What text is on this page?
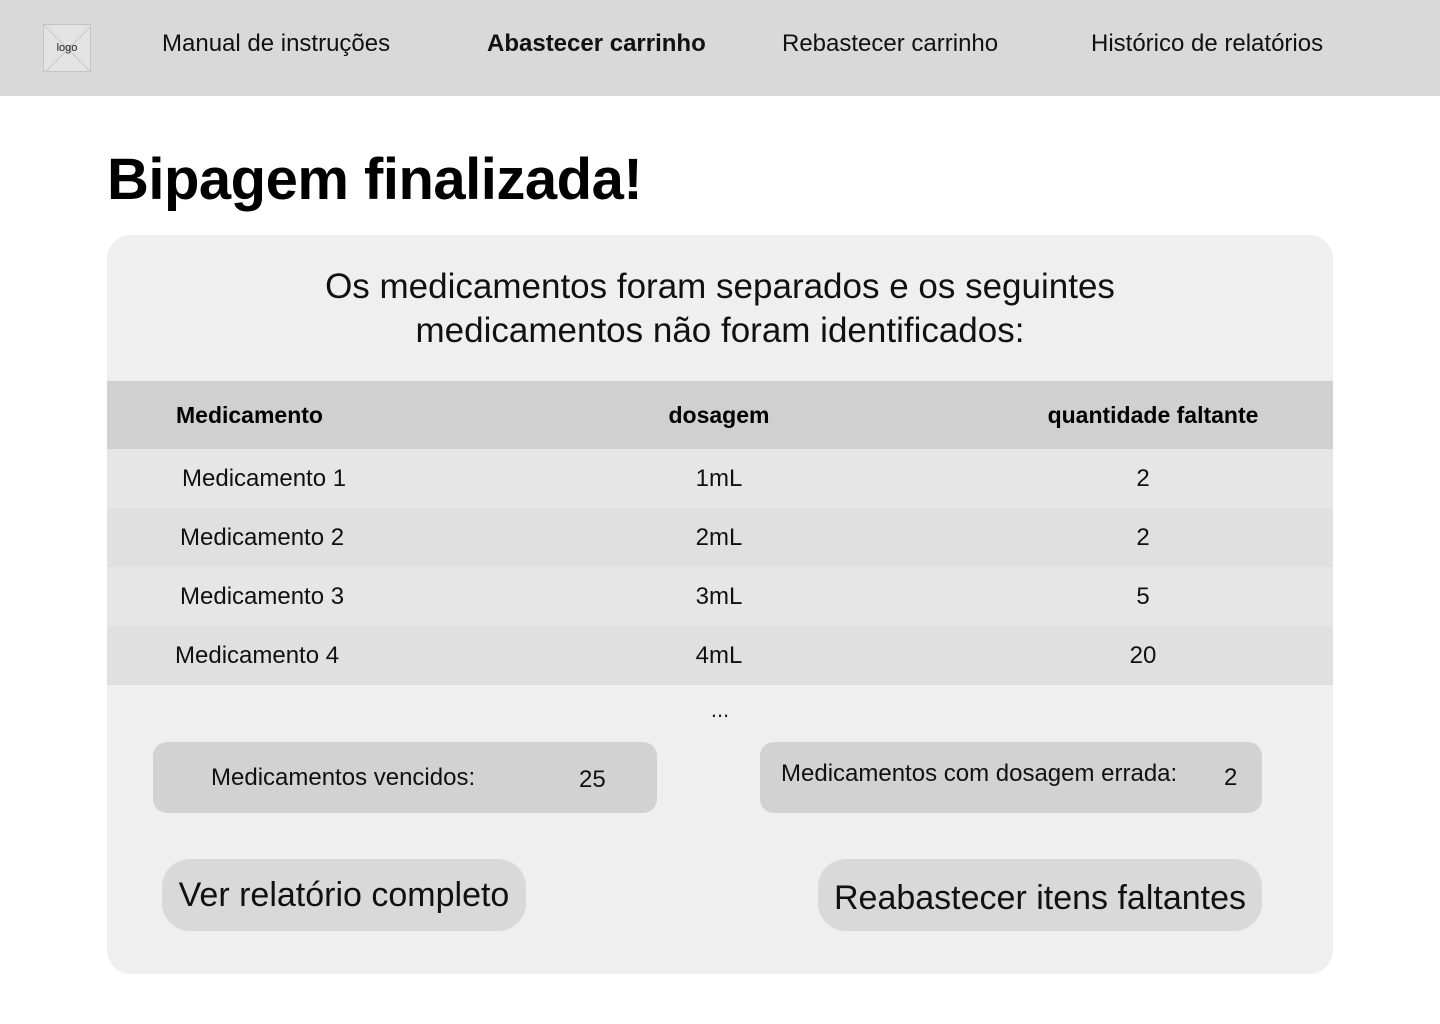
logo	Manual de instruções	Abastecer carrinho	Rebastecer carrinho	Histórico de relatórios
Bipagem finalizada!
Os medicamentos foram separados e os seguintes
medicamentos não foram identificados:
Medicamento	dosagem	quantidade faltante
Medicamento 1	1mL	2
Medicamento 2	2mL	2
Medicamento 3	3mL	5
Medicamento 4	4mL	20
...
Medicamentos vencidos:	25	Medicamentos com dosagem errada: 2
Ver relatório completo	Reabastecer itens faltantes
